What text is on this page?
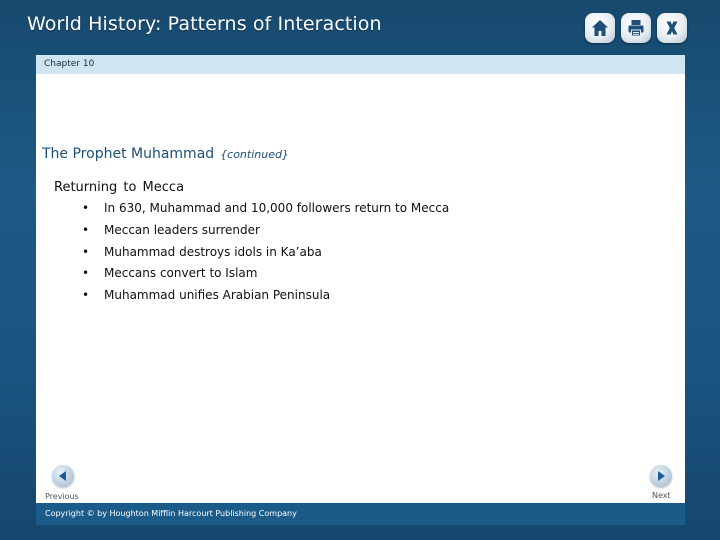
World History: Patterns of Interaction
Chapter 10
The Prophet Muhammad {continued}
Returning to Mecca
• In 630, Muhammad and 10,000 followers return to Mecca
• Meccan leaders surrender
• Muhammad destroys idols in Ka’aba
• Meccans convert to Islam
• Muhammad unifies Arabian Peninsula
Previous	Next
Copyright © by Houghton Mifflin Harcourt Publishing Company
